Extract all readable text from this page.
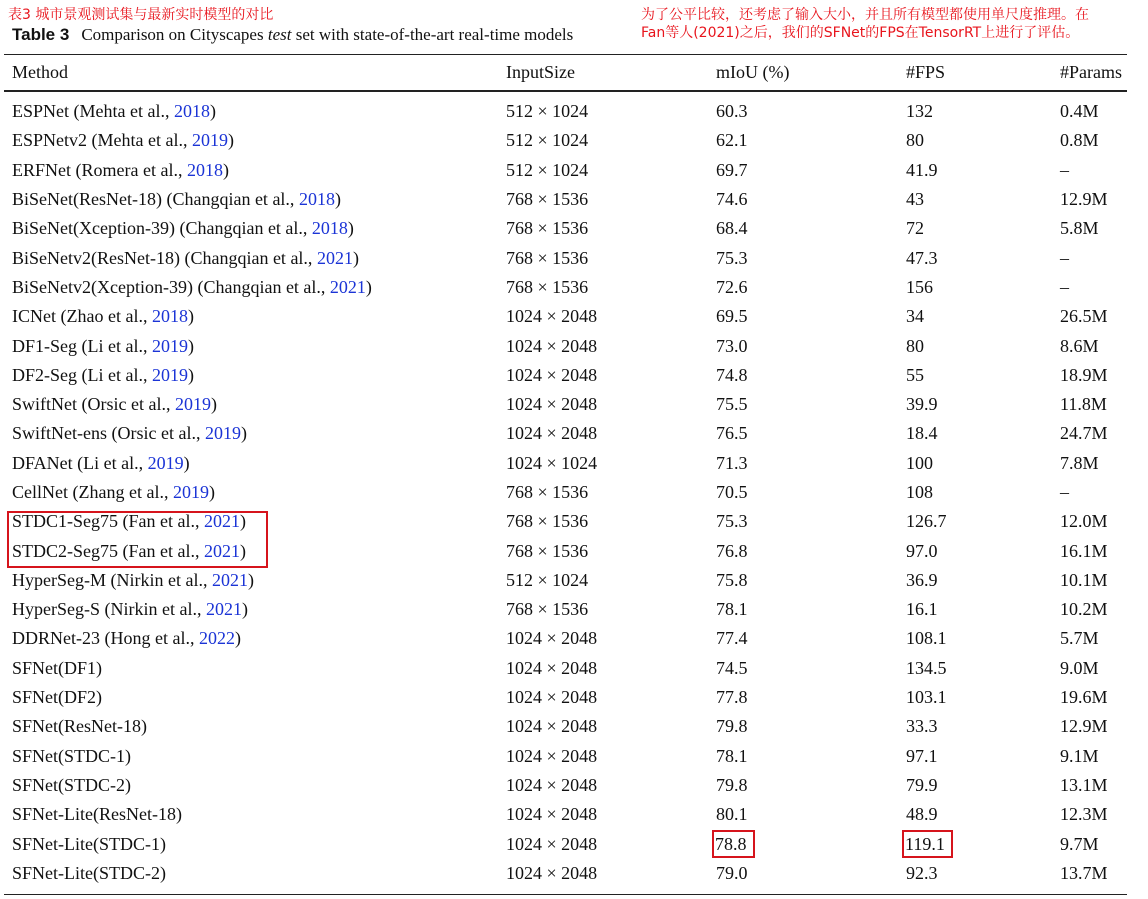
表3 城市景观测试集与最新实时模型的对比	为了公平比较，还考虑了输入大小，并且所有模型都使用单尺度推理。在
Fan等人(2021)之后，我们的SFNet的FPS在TensorRT上进行了评估。
Table 3 Comparison on Cityscapes test set with state-of-the-art real-time models
Method	InputSize	mIoU (%)	#FPS	#Params

ESPNet (Mehta et al., 2018)	512 × 1024	60.3	132	0.4M
ESPNetv2 (Mehta et al., 2019)	512 × 1024	62.1	80	0.8M
ERFNet (Romera et al., 2018)	512 × 1024	69.7	41.9	–
BiSeNet(ResNet-18) (Changqian et al., 2018)	768 × 1536	74.6	43	12.9M
BiSeNet(Xception-39) (Changqian et al., 2018)	768 × 1536	68.4	72	5.8M
BiSeNetv2(ResNet-18) (Changqian et al., 2021)	768 × 1536	75.3	47.3	–
BiSeNetv2(Xception-39) (Changqian et al., 2021)	768 × 1536	72.6	156	–
ICNet (Zhao et al., 2018)	1024 × 2048	69.5	34	26.5M
DF1-Seg (Li et al., 2019)	1024 × 2048	73.0	80	8.6M
DF2-Seg (Li et al., 2019)	1024 × 2048	74.8	55	18.9M
SwiftNet (Orsic et al., 2019)	1024 × 2048	75.5	39.9	11.8M
SwiftNet-ens (Orsic et al., 2019)	1024 × 2048	76.5	18.4	24.7M
DFANet (Li et al., 2019)	1024 × 1024	71.3	100	7.8M
CellNet (Zhang et al., 2019)	768 × 1536	70.5	108	–
STDC1-Seg75 (Fan et al., 2021)	768 × 1536	75.3	126.7	12.0M
STDC2-Seg75 (Fan et al., 2021)	768 × 1536	76.8	97.0	16.1M
HyperSeg-M (Nirkin et al., 2021)	512 × 1024	75.8	36.9	10.1M
HyperSeg-S (Nirkin et al., 2021)	768 × 1536	78.1	16.1	10.2M
DDRNet-23 (Hong et al., 2022)	1024 × 2048	77.4	108.1	5.7M
SFNet(DF1)	1024 × 2048	74.5	134.5	9.0M
SFNet(DF2)	1024 × 2048	77.8	103.1	19.6M
SFNet(ResNet-18)	1024 × 2048	79.8	33.3	12.9M
SFNet(STDC-1)	1024 × 2048	78.1	97.1	9.1M
SFNet(STDC-2)	1024 × 2048	79.8	79.9	13.1M
SFNet-Lite(ResNet-18)	1024 × 2048	80.1	48.9	12.3M
SFNet-Lite(STDC-1)	1024 × 2048	78.8	119.1	9.7M
SFNet-Lite(STDC-2)	1024 × 2048	79.0	92.3	13.7M
